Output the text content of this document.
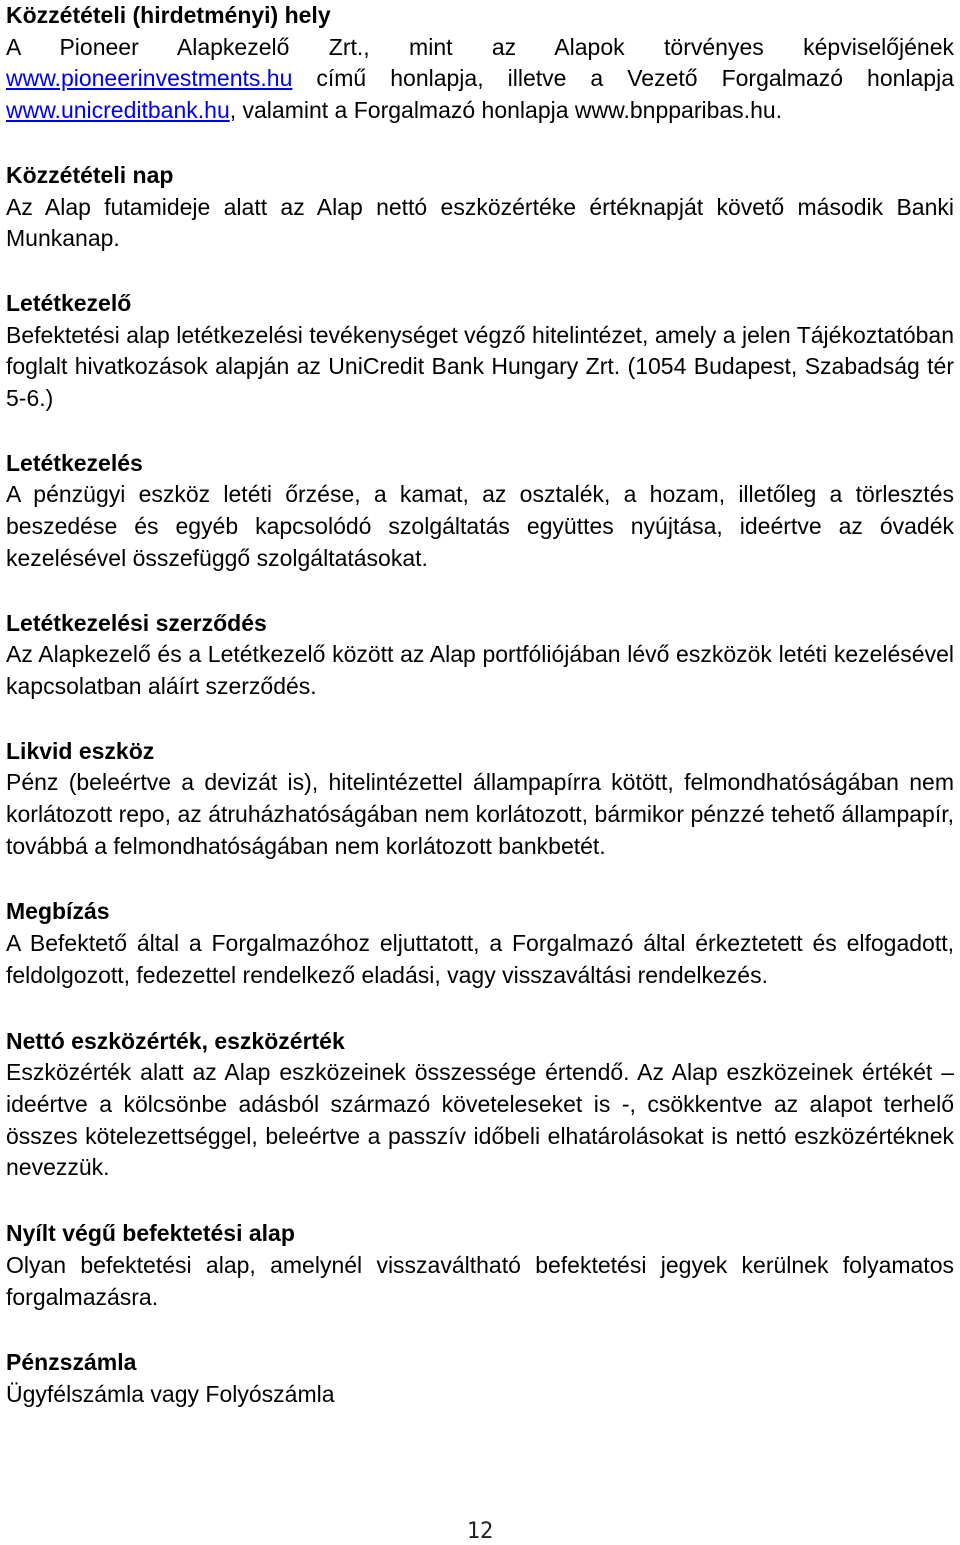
Közzétételi (hirdetményi) hely

A Pioneer Alapkezelő Zrt., mint az Alapok törvényes képviselőjének www.pioneerinvestments.hu című honlapja, illetve a Vezető Forgalmazó honlapja www.unicreditbank.hu, valamint a Forgalmazó honlapja www.bnpparibas.hu.

Közzétételi nap

Az Alap futamideje alatt az Alap nettó eszközértéke értéknapját követő második Banki Munkanap.

Letétkezelő

Befektetési alap letétkezelési tevékenységet végző hitelintézet, amely a jelen Tájékoztatóban foglalt hivatkozások alapján az UniCredit Bank Hungary Zrt. (1054 Budapest, Szabadság tér 5-6.)

Letétkezelés

A pénzügyi eszköz letéti őrzése, a kamat, az osztalék, a hozam, illetőleg a törlesztés beszedése és egyéb kapcsolódó szolgáltatás együttes nyújtása, ideértve az óvadék kezelésével összefüggő szolgáltatásokat.

Letétkezelési szerződés

Az Alapkezelő és a Letétkezelő között az Alap portfóliójában lévő eszközök letéti kezelésével kapcsolatban aláírt szerződés.

Likvid eszköz

Pénz (beleértve a devizát is), hitelintézettel állampapírra kötött, felmondhatóságában nem korlátozott repo, az átruházhatóságában nem korlátozott, bármikor pénzzé tehető állampapír, továbbá a felmondhatóságában nem korlátozott bankbetét.

Megbízás

A Befektető által a Forgalmazóhoz eljuttatott, a Forgalmazó által érkeztetett és elfogadott, feldolgozott, fedezettel rendelkező eladási, vagy visszaváltási rendelkezés.

Nettó eszközérték, eszközérték

Eszközérték alatt az Alap eszközeinek összessége értendő. Az Alap eszközeinek értékét – ideértve a kölcsönbe adásból származó követeleseket is -, csökkentve az alapot terhelő összes kötelezettséggel, beleértve a passzív időbeli elhatárolásokat is nettó eszközértéknek nevezzük.

Nyílt végű befektetési alap

Olyan befektetési alap, amelynél visszaváltható befektetési jegyek kerülnek folyamatos forgalmazásra.

Pénzszámla

Ügyfélszámla vagy Folyószámla

12
